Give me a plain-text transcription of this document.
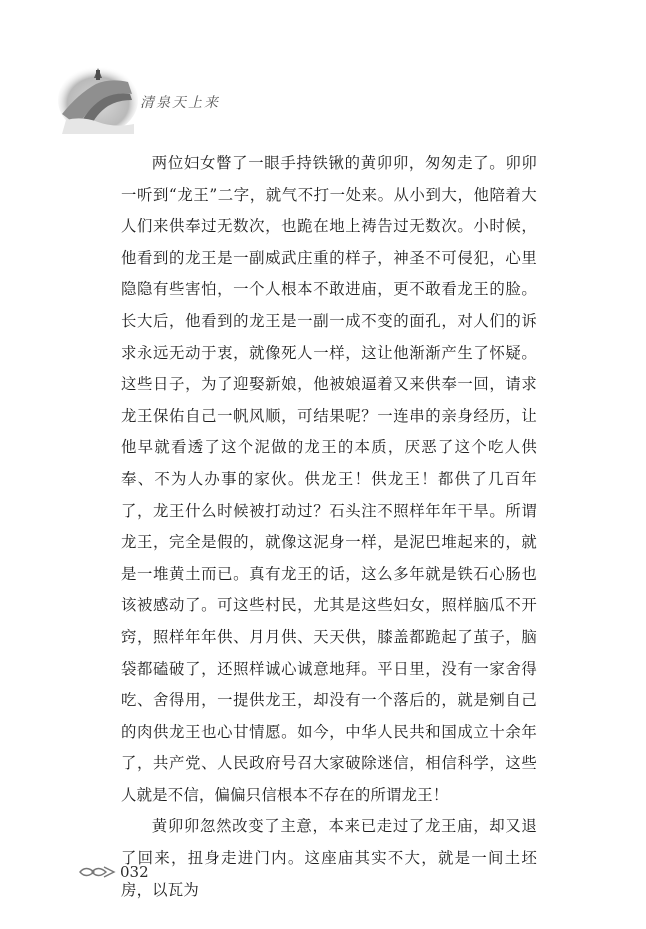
清泉天上来

两位妇女瞥了一眼手持铁锹的黄卯卯，匆匆走了。卯卯一听到“龙王”二字，就气不打一处来。从小到大，他陪着大人们来供奉过无数次，也跪在地上祷告过无数次。小时候，他看到的龙王是一副威武庄重的样子，神圣不可侵犯，心里隐隐有些害怕，一个人根本不敢进庙，更不敢看龙王的脸。长大后，他看到的龙王是一副一成不变的面孔，对人们的诉求永远无动于衷，就像死人一样，这让他渐渐产生了怀疑。这些日子，为了迎娶新娘，他被娘逼着又来供奉一回，请求龙王保佑自己一帆风顺，可结果呢？一连串的亲身经历，让他早就看透了这个泥做的龙王的本质，厌恶了这个吃人供奉、不为人办事的家伙。供龙王！供龙王！都供了几百年了，龙王什么时候被打动过？石头注不照样年年干旱。所谓龙王，完全是假的，就像这泥身一样，是泥巴堆起来的，就是一堆黄土而已。真有龙王的话，这么多年就是铁石心肠也该被感动了。可这些村民，尤其是这些妇女，照样脑瓜不开窍，照样年年供、月月供、天天供，膝盖都跪起了茧子，脑袋都磕破了，还照样诚心诚意地拜。平日里，没有一家舍得吃、舍得用，一提供龙王，却没有一个落后的，就是剜自己的肉供龙王也心甘情愿。如今，中华人民共和国成立十余年了，共产党、人民政府号召大家破除迷信，相信科学，这些人就是不信，偏偏只信根本不存在的所谓龙王！

黄卯卯忽然改变了主意，本来已走过了龙王庙，却又退了回来，扭身走进门内。这座庙其实不大，就是一间土坯房，以瓦为

032
